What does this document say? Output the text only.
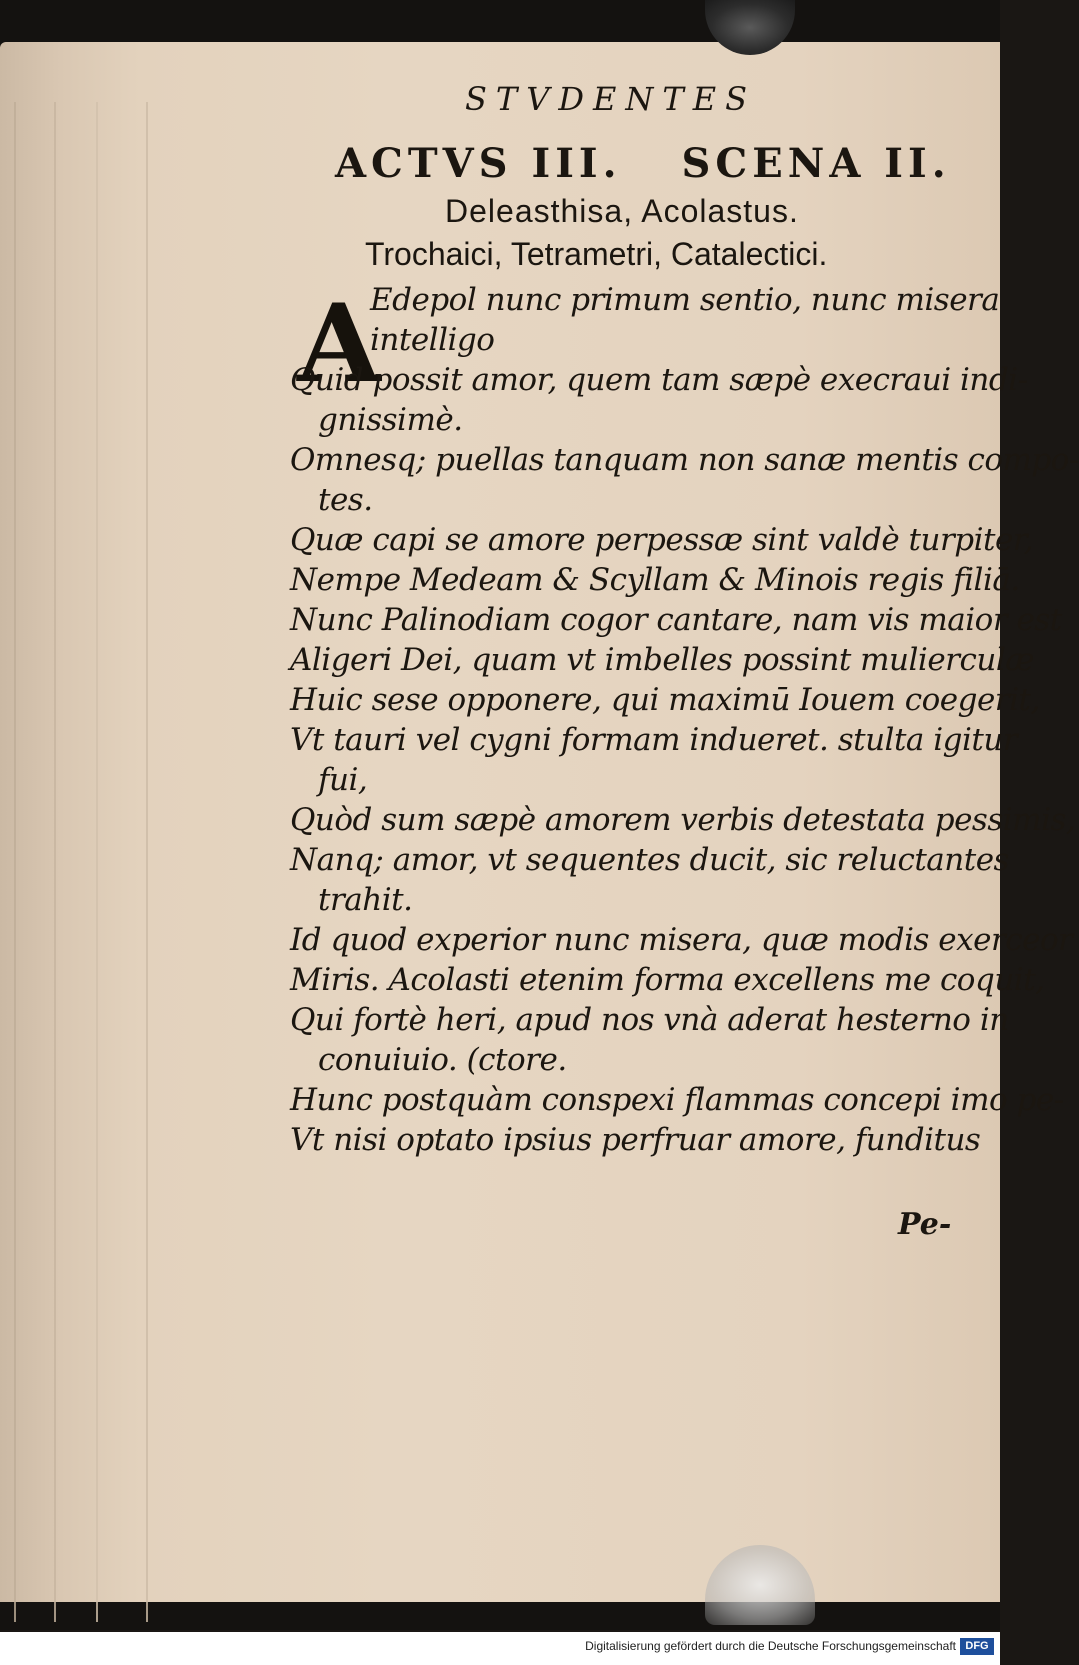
STVDENTES
ACTVS III. SCENA II.
Deleasthisa, Acolastus.
Trochaici, Tetrametri, Catalectici.
A
Edepol nunc primum sentio, nunc misera
intelligo
Quid possit amor, quem tam sæpè execraui indi-
gnissimè.
Omnesq; puellas tanquam non sanæ mentis compo-
tes.
Quæ capi se amore perpessæ sint valdè turpiter,
Nempe Medeam & Scyllam & Minois regis filiā.
Nunc Palinodiam cogor cantare, nam vis maior est
Aligeri Dei, quam vt imbelles possint mulierculæ
Huic sese opponere, qui maximū Iouem coegerit,
Vt tauri vel cygni formam indueret. stulta igitur
fui,
Quòd sum sæpè amorem verbis detestata pessimis,
Nanq; amor, vt sequentes ducit, sic reluctantes
trahit.
Id quod experior nunc misera, quæ modis exerceor
Miris. Acolasti etenim forma excellens me coquit,
Qui fortè heri, apud nos vnà aderat hesterno in
conuiuio. (ctore.
Hunc postquàm conspexi flammas concepi imo pe-
Vt nisi optato ipsius perfruar amore, funditus
Pe-
Digitalisierung gefördert durch die Deutsche Forschungsgemeinschaft DFG
